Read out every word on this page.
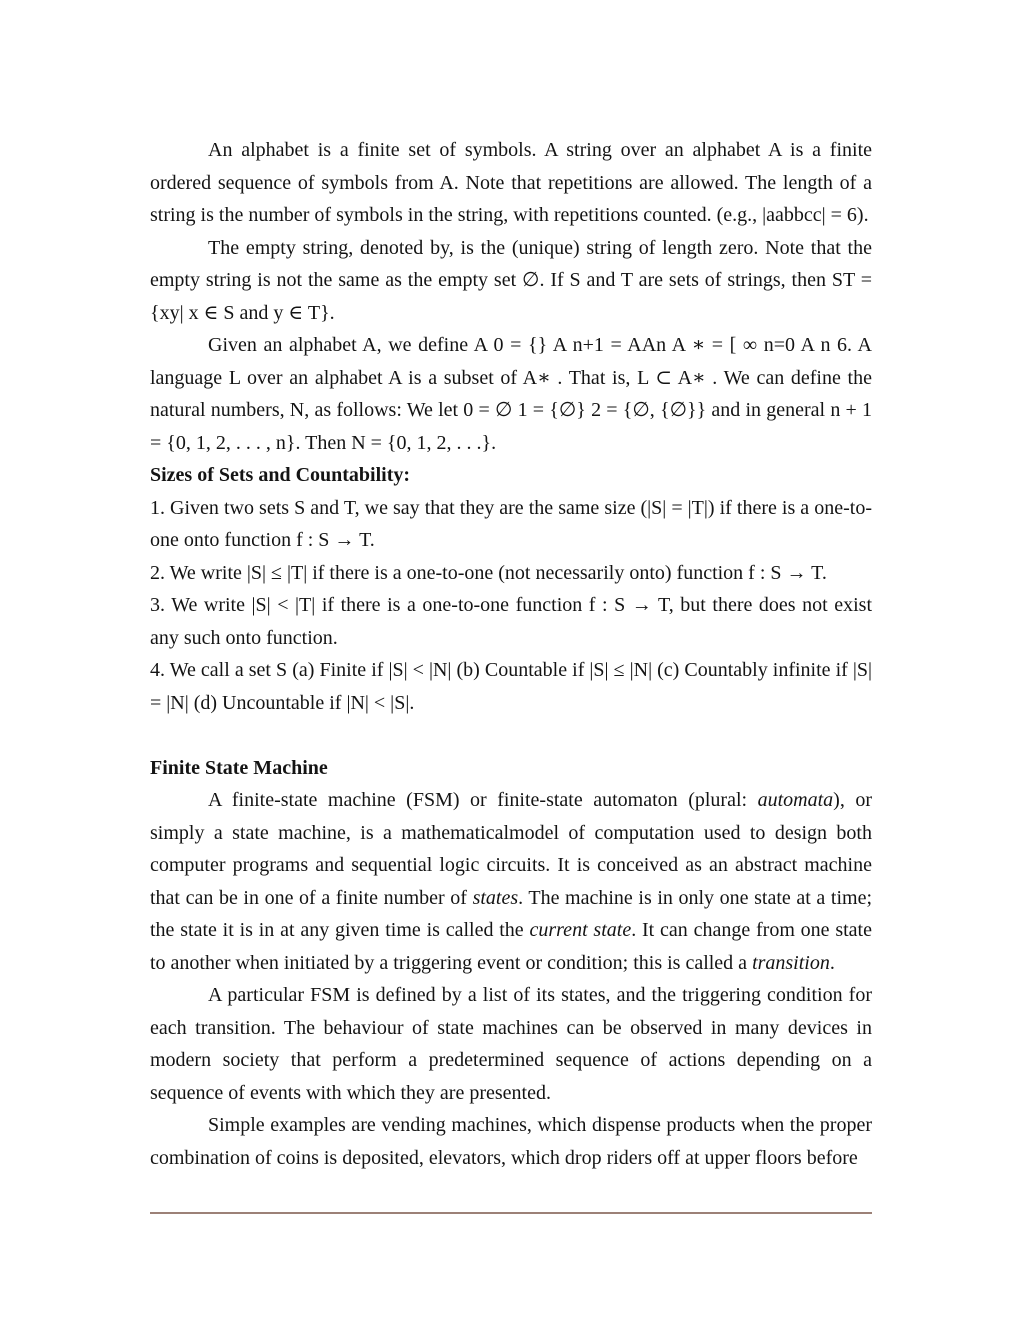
An alphabet is a finite set of symbols. A string over an alphabet A is a finite ordered sequence of symbols from A. Note that repetitions are allowed. The length of a string is the number of symbols in the string, with repetitions counted. (e.g., |aabbcc| = 6).

The empty string, denoted by, is the (unique) string of length zero. Note that the empty string is not the same as the empty set ∅. If S and T are sets of strings, then ST = {xy| x ∈ S and y ∈ T}.

Given an alphabet A, we define A 0 = {} A n+1 = AAn A ∗ = [ ∞ n=0 A n 6. A language L over an alphabet A is a subset of A∗ . That is, L ⊂ A∗ . We can define the natural numbers, N, as follows: We let 0 = ∅ 1 = {∅} 2 = {∅, {∅}} and in general n + 1 = {0, 1, 2, . . . , n}. Then N = {0, 1, 2, . . .}.

Sizes of Sets and Countability:

1. Given two sets S and T, we say that they are the same size (|S| = |T|) if there is a one-to-one onto function f : S → T.

2. We write |S| ≤ |T| if there is a one-to-one (not necessarily onto) function f : S → T.

3. We write |S| < |T| if there is a one-to-one function f : S → T, but there does not exist any such onto function.

4. We call a set S (a) Finite if |S| < |N| (b) Countable if |S| ≤ |N| (c) Countably infinite if |S| = |N| (d) Uncountable if |N| < |S|.

Finite State Machine

A finite-state machine (FSM) or finite-state automaton (plural: automata), or simply a state machine, is a mathematicalmodel of computation used to design both computer programs and sequential logic circuits. It is conceived as an abstract machine that can be in one of a finite number of states. The machine is in only one state at a time; the state it is in at any given time is called the current state. It can change from one state to another when initiated by a triggering event or condition; this is called a transition.

A particular FSM is defined by a list of its states, and the triggering condition for each transition. The behaviour of state machines can be observed in many devices in modern society that perform a predetermined sequence of actions depending on a sequence of events with which they are presented.

Simple examples are vending machines, which dispense products when the proper combination of coins is deposited, elevators, which drop riders off at upper floors before
